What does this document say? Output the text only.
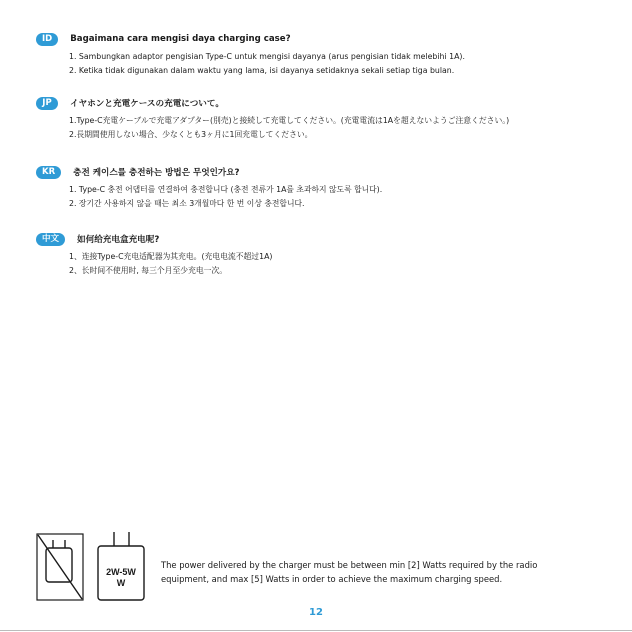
ID	Bagaimana cara mengisi daya charging case?
1. Sambungkan adaptor pengisian Type-C untuk mengisi dayanya (arus pengisian tidak melebihi 1A).
2. Ketika tidak digunakan dalam waktu yang lama, isi dayanya setidaknya sekali setiap tiga bulan.
JP	イヤホンと充電ケースの充電について。
1.Type-C充電ケーブルで充電アダプター(別売)と接続して充電してください。(充電電流は1Aを超えないようご注意ください。)
2.長期間使用しない場合、少なくとも3ヶ月に1回充電してください。
KR	충전 케이스를 충전하는 방법은 무엇인가요?
1. Type-C 충전 어댑터를 연결하여 충전합니다 (충전 전류가 1A를 초과하지 않도록 합니다).
2. 장기간 사용하지 않을 때는 최소 3개월마다 한 번 이상 충전합니다.
中文	如何给充电盒充电呢?
1、连接Type-C充电适配器为其充电。(充电电流不超过1A)
2、长时间不使用时, 每三个月至少充电一次。
2W-5W
W
The power delivered by the charger must be between min [2] Watts required by the radio
equipment, and max [5] Watts in order to achieve the maximum charging speed.
12
